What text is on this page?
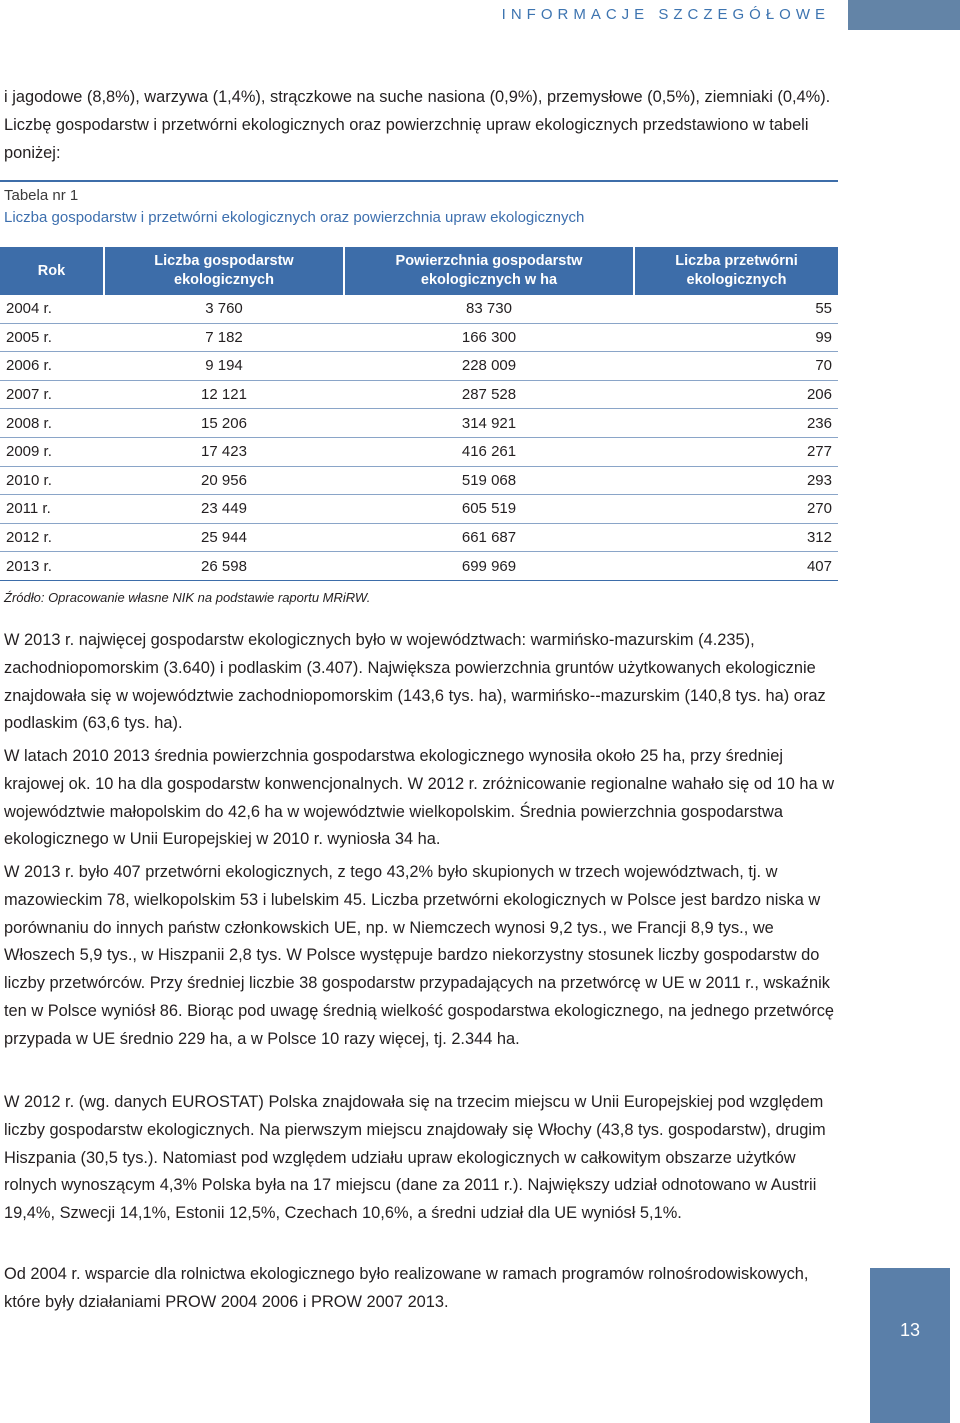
INFORMACJE SZCZEGÓŁOWE

i jagodowe (8,8%), warzywa (1,4%), strączkowe na suche nasiona (0,9%), przemysłowe (0,5%), ziemniaki (0,4%). Liczbę gospodarstw i przetwórni ekologicznych oraz powierzchnię upraw ekologicznych przedstawiono w tabeli poniżej:

Tabela nr 1
Liczba gospodarstw i przetwórni ekologicznych oraz powierzchnia upraw ekologicznych
Rok	Liczba gospodarstw ekologicznych	Powierzchnia gospodarstw ekologicznych w ha	Liczba przetwórni ekologicznych
2004 r.	3 760	83 730	55
2005 r.	7 182	166 300	99
2006 r.	9 194	228 009	70
2007 r.	12 121	287 528	206
2008 r.	15 206	314 921	236
2009 r.	17 423	416 261	277
2010 r.	20 956	519 068	293
2011 r.	23 449	605 519	270
2012 r.	25 944	661 687	312
2013 r.	26 598	699 969	407
Źródło: Opracowanie własne NIK na podstawie raportu MRiRW.

W 2013 r. najwięcej gospodarstw ekologicznych było w województwach: warmińsko-mazurskim (4.235), zachodniopomorskim (3.640) i podlaskim (3.407). Największa powierzchnia gruntów użytkowanych ekologicznie znajdowała się w województwie zachodniopomorskim (143,6 tys. ha), warmińsko--mazurskim (140,8 tys. ha) oraz podlaskim (63,6 tys. ha).

W latach 2010 2013 średnia powierzchnia gospodarstwa ekologicznego wynosiła około 25 ha, przy średniej krajowej ok. 10 ha dla gospodarstw konwencjonalnych. W 2012 r. zróżnicowanie regionalne wahało się od 10 ha w województwie małopolskim do 42,6 ha w województwie wielkopolskim. Średnia powierzchnia gospodarstwa ekologicznego w Unii Europejskiej w 2010 r. wyniosła 34 ha.

W 2013 r. było 407 przetwórni ekologicznych, z tego 43,2% było skupionych w trzech województwach, tj. w mazowieckim 78, wielkopolskim 53 i lubelskim 45. Liczba przetwórni ekologicznych w Polsce jest bardzo niska w porównaniu do innych państw członkowskich UE, np. w Niemczech wynosi 9,2 tys., we Francji 8,9 tys., we Włoszech 5,9 tys., w Hiszpanii 2,8 tys. W Polsce występuje bardzo niekorzystny stosunek liczby gospodarstw do liczby przetwórców. Przy średniej liczbie 38 gospodarstw przypadających na przetwórcę w UE w 2011 r., wskaźnik ten w Polsce wyniósł 86. Biorąc pod uwagę średnią wielkość gospodarstwa ekologicznego, na jednego przetwórcę przypada w UE średnio 229 ha, a w Polsce 10 razy więcej, tj. 2.344 ha.

W 2012 r. (wg. danych EUROSTAT) Polska znajdowała się na trzecim miejscu w Unii Europejskiej pod względem liczby gospodarstw ekologicznych. Na pierwszym miejscu znajdowały się Włochy (43,8 tys. gospodarstw), drugim Hiszpania (30,5 tys.). Natomiast pod względem udziału upraw ekologicznych w całkowitym obszarze użytków rolnych wynoszącym 4,3% Polska była na 17 miejscu (dane za 2011 r.). Największy udział odnotowano w Austrii 19,4%, Szwecji 14,1%, Estonii 12,5%, Czechach 10,6%, a średni udział dla UE wyniósł 5,1%.

Od 2004 r. wsparcie dla rolnictwa ekologicznego było realizowane w ramach programów rolnośrodowiskowych, które były działaniami PROW 2004 2006 i PROW 2007 2013.

13
